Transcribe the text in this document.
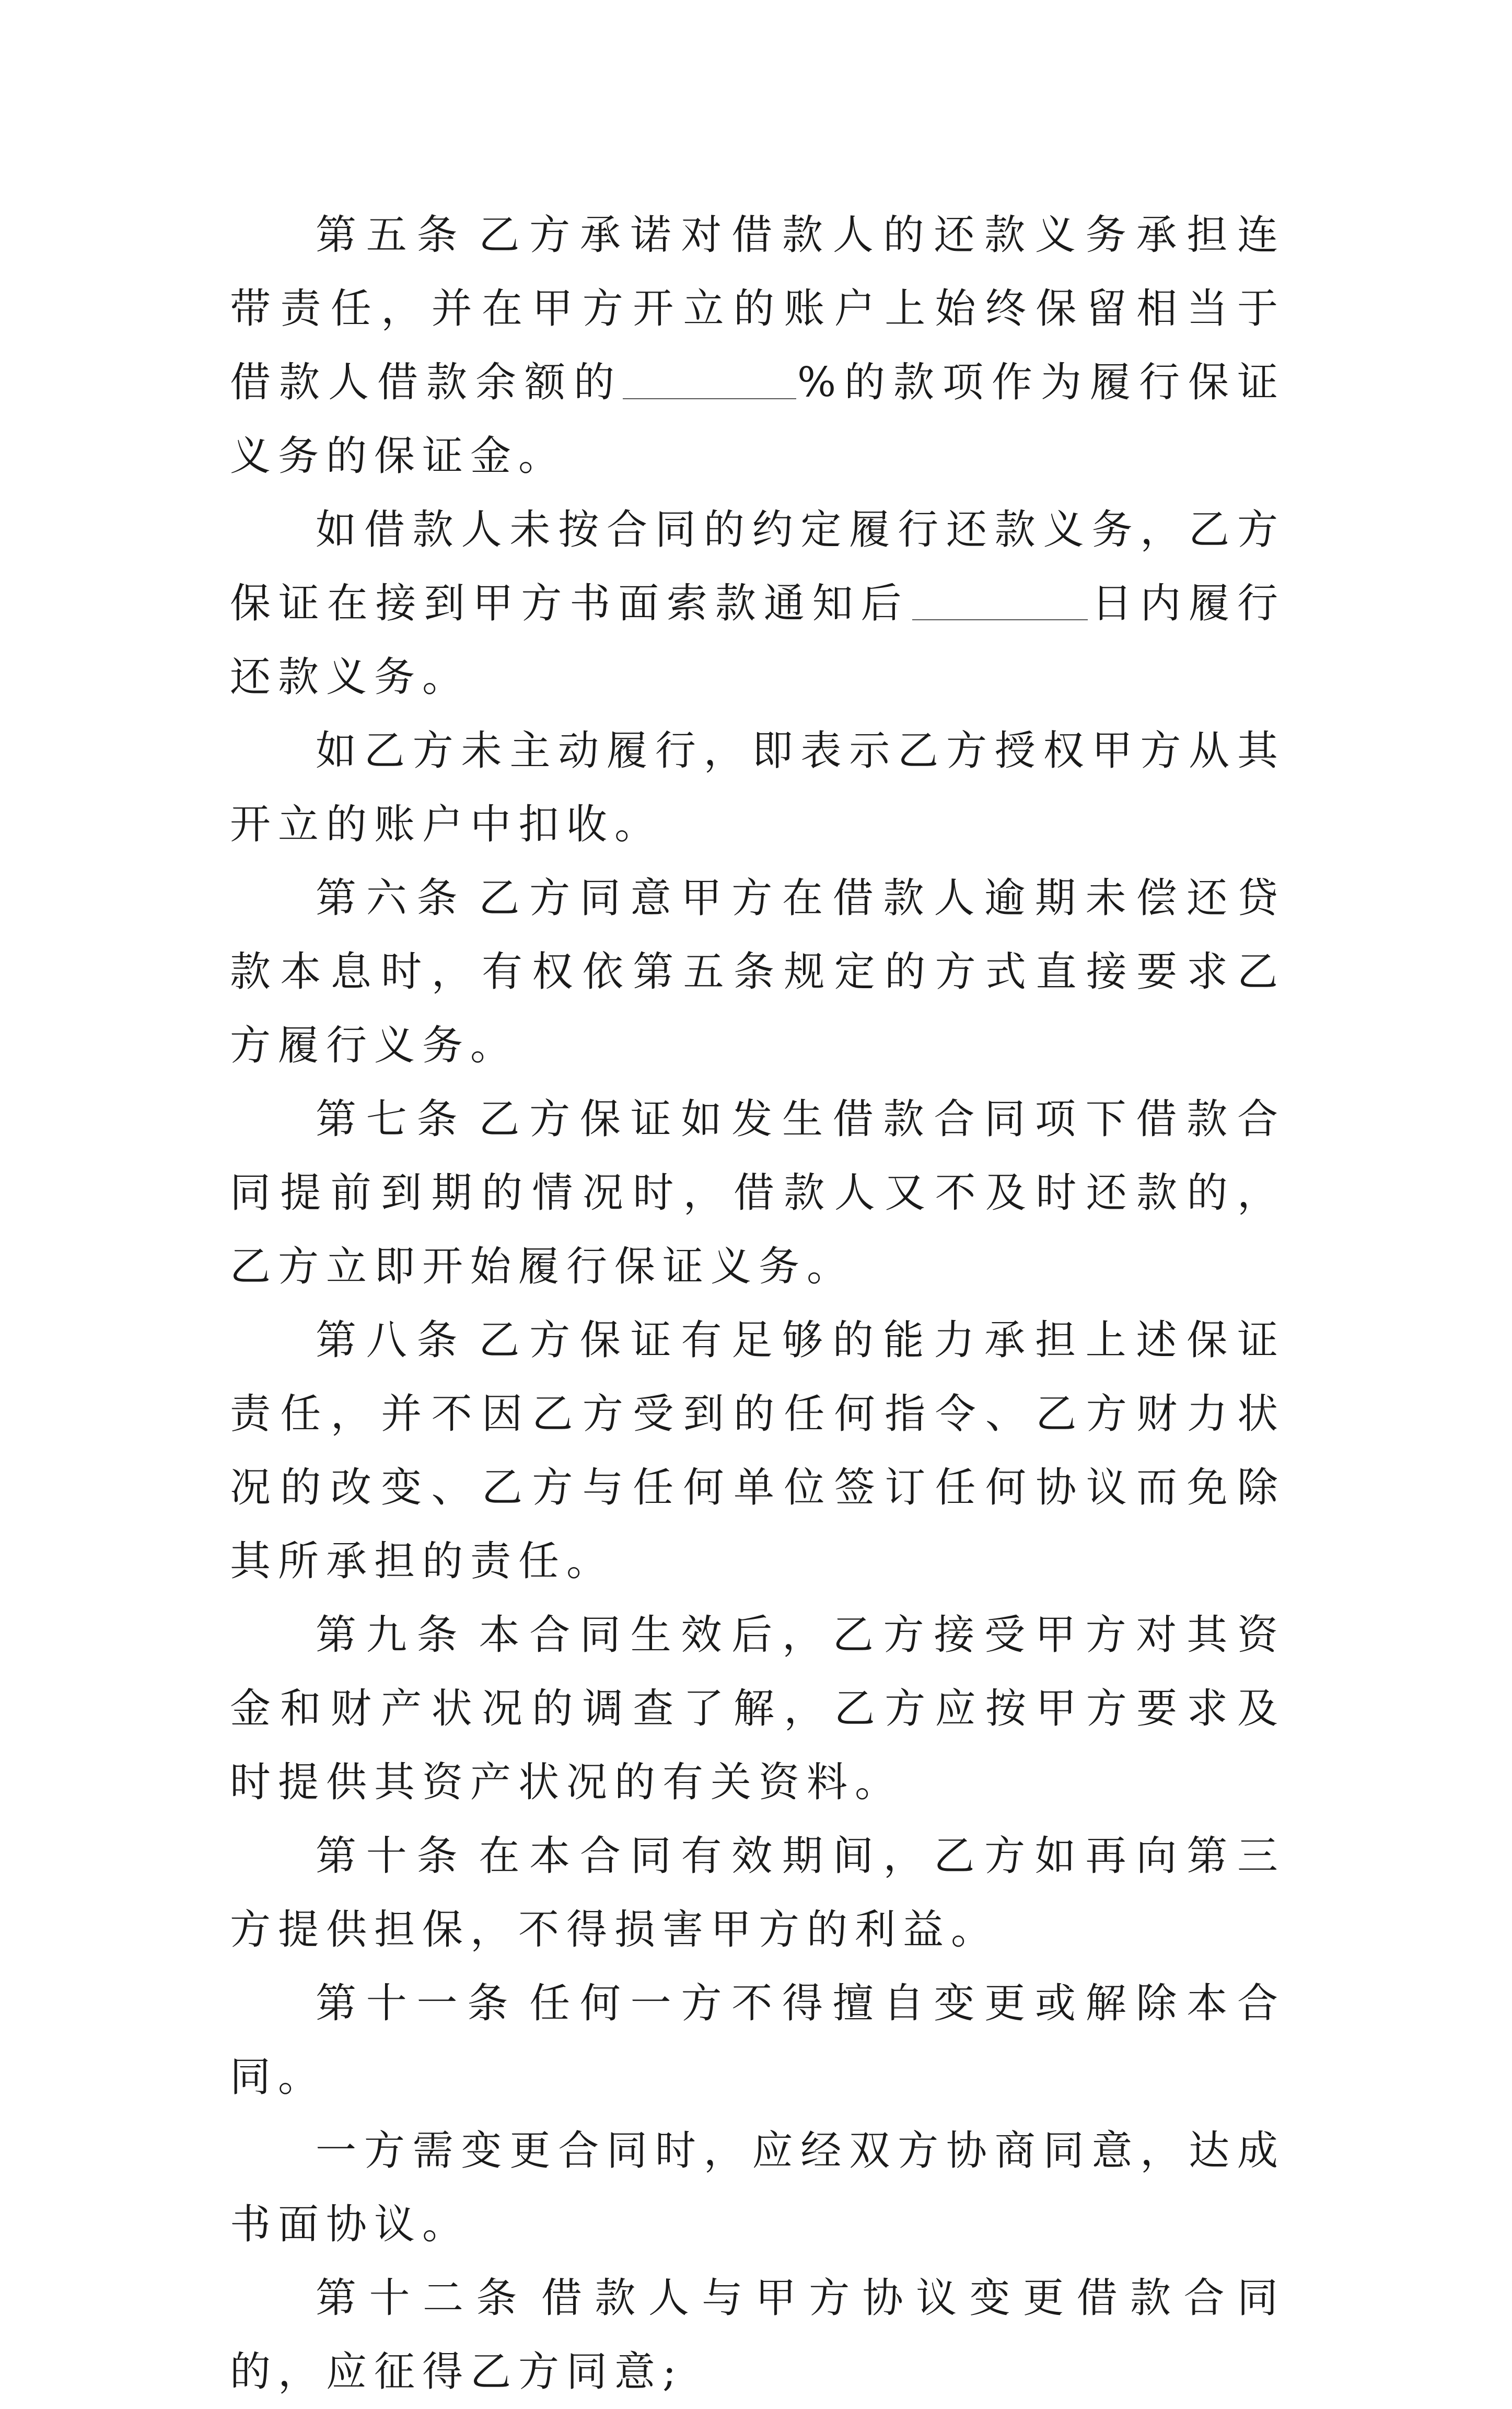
第五条 乙方承诺对借款人的还款义务承担连带责任，并在甲方开立的账户上始终保留相当于借款人借款余额的	%的款项作为履行保证义务的保证金。

如借款人未按合同的约定履行还款义务，乙方保证在接到甲方书面索款通知后	日内履行还款义务。

如乙方未主动履行，即表示乙方授权甲方从其开立的账户中扣收。

第六条 乙方同意甲方在借款人逾期未偿还贷款本息时，有权依第五条规定的方式直接要求乙方履行义务。

第七条 乙方保证如发生借款合同项下借款合同提前到期的情况时，借款人又不及时还款的，乙方立即开始履行保证义务。

第八条 乙方保证有足够的能力承担上述保证责任，并不因乙方受到的任何指令、乙方财力状况的改变、乙方与任何单位签订任何协议而免除其所承担的责任。

第九条 本合同生效后，乙方接受甲方对其资金和财产状况的调查了解，乙方应按甲方要求及时提供其资产状况的有关资料。

第十条 在本合同有效期间，乙方如再向第三方提供担保，不得损害甲方的利益。

第十一条 任何一方不得擅自变更或解除本合同。

一方需变更合同时，应经双方协商同意，达成书面协议。

第十二条 借款人与甲方协议变更借款合同的，应征得乙方同意;
